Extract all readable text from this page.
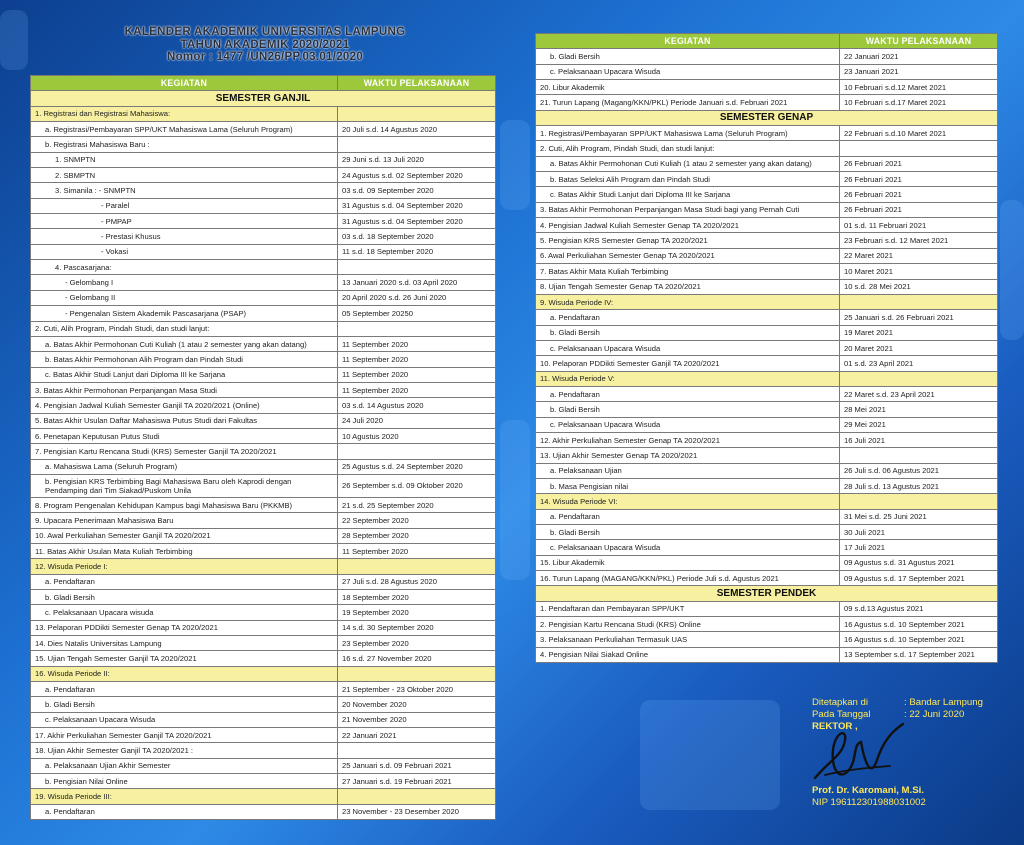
KALENDER AKADEMIK UNIVERSITAS LAMPUNG
TAHUN AKADEMIK 2020/2021
Nomor : 1477 /UN26/PP.03.01/2020
KEGIATAN	WAKTU PELAKSANAAN
SEMESTER GANJIL	
1. Registrasi dan Registrasi Mahasiswa:	
a. Registrasi/Pembayaran SPP/UKT Mahasiswa Lama (Seluruh Program)	20 Juli s.d. 14 Agustus 2020
b. Registrasi Mahasiswa Baru :	
1. SNMPTN	29 Juni s.d. 13 Juli 2020
2. SBMPTN	24 Agustus s.d. 02 September 2020
3. Simanila : - SNMPTN	03 s.d. 09 September 2020
- Paralel	31 Agustus s.d. 04 September 2020
- PMPAP	31 Agustus s.d. 04 September 2020
- Prestasi Khusus	03 s.d. 18 September 2020
- Vokasi	11 s.d. 18 September 2020
4. Pascasarjana:	
- Gelombang I	13 Januari 2020 s.d. 03 April 2020
- Gelombang II	20 April 2020 s.d. 26 Juni 2020
- Pengenalan Sistem Akademik Pascasarjana (PSAP)	05 September 20250
2. Cuti, Alih Program, Pindah Studi, dan studi lanjut:	
a. Batas Akhir Permohonan Cuti Kuliah (1 atau 2 semester yang akan datang)	11 September 2020
b. Batas Akhir Permohonan Alih Program dan Pindah Studi	11 September 2020
c. Batas Akhir Studi Lanjut dari Diploma III ke Sarjana	11 September 2020
3. Batas Akhir Permohonan Perpanjangan Masa Studi	11 September 2020
4. Pengisian Jadwal Kuliah Semester Ganjil TA 2020/2021 (Online)	03 s.d. 14 Agustus 2020
5. Batas Akhir Usulan Daftar Mahasiswa Putus Studi dari Fakultas	24 Juli 2020
6. Penetapan Keputusan Putus Studi	10 Agustus 2020
7. Pengisian Kartu Rencana Studi (KRS) Semester Ganjil TA 2020/2021	
a. Mahasiswa Lama (Seluruh Program)	25 Agustus s.d. 24 September 2020
b. Pengisian KRS Terbimbing Bagi Mahasiswa Baru oleh Kaprodi dengan Pendamping dari Tim Siakad/Puskom Unila	26 September s.d. 09 Oktober 2020
8. Program Pengenalan Kehidupan Kampus bagi Mahasiswa Baru (PKKMB)	21 s.d. 25 September 2020
9. Upacara Penerimaan Mahasiswa Baru	22 September 2020
10. Awal Perkuliahan Semester Ganjil TA 2020/2021	28 September 2020
11. Batas Akhir Usulan Mata Kuliah Terbimbing	11 September 2020
12. Wisuda Periode I:	
a. Pendaftaran	27 Juli s.d. 28 Agustus 2020
b. Gladi Bersih	18 September 2020
c. Pelaksanaan Upacara wisuda	19 September 2020
13. Pelaporan PDDikti Semester Genap TA 2020/2021	14 s.d. 30 September 2020
14. Dies Natalis Universitas Lampung	23 September 2020
15. Ujian Tengah Semester Ganjil TA 2020/2021	16 s.d. 27 November 2020
16. Wisuda Periode II:	
a. Pendaftaran	21 September - 23 Oktober 2020
b. Gladi Bersih	20 November 2020
c. Pelaksanaan Upacara Wisuda	21 November 2020
17. Akhir Perkuliahan Semester Ganjil TA 2020/2021	22 Januari 2021
18. Ujian Akhir Semester Ganjil TA 2020/2021 :	
a. Pelaksanaan Ujian Akhir Semester	25 Januari s.d. 09 Februari 2021
b. Pengisian Nilai Online	27 Januari s.d. 19 Februari 2021
19. Wisuda Periode III:	
a. Pendaftaran	23 November - 23 Desember 2020
KEGIATAN	WAKTU PELAKSANAAN
b. Gladi Bersih	22 Januari 2021
c. Pelaksanaan Upacara Wisuda	23 Januari 2021
20. Libur Akademik	10 Februari s.d.12 Maret 2021
21. Turun Lapang (Magang/KKN/PKL) Periode Januari s.d. Februari 2021	10 Februari s.d.17 Maret 2021
SEMESTER GENAP	
1. Registrasi/Pembayaran SPP/UKT Mahasiswa Lama (Seluruh Program)	22 Februari s.d.10 Maret 2021
2. Cuti, Alih Program, Pindah Studi, dan studi lanjut:	
a. Batas Akhir Permohonan Cuti Kuliah (1 atau 2 semester yang akan datang)	26 Februari 2021
b. Batas Seleksi Alih Program dan Pindah Studi	26 Februari 2021
c. Batas Akhir Studi Lanjut dari Diploma III ke Sarjana	26 Februari 2021
3. Batas Akhir Permohonan Perpanjangan Masa Studi bagi yang Pernah Cuti	26 Februari 2021
4. Pengisian Jadwal Kuliah Semester Genap TA 2020/2021	01 s.d. 11 Februari 2021
5. Pengisian KRS Semester Genap TA 2020/2021	23 Februari s.d. 12 Maret 2021
6. Awal Perkuliahan Semester Genap TA 2020/2021	22 Maret 2021
7. Batas Akhir Mata Kuliah Terbimbing	10 Maret 2021
8. Ujian Tengah Semester Genap TA 2020/2021	10 s.d. 28 Mei 2021
9. Wisuda Periode IV:	
a. Pendaftaran	25 Januari s.d. 26 Februari 2021
b. Gladi Bersih	19 Maret 2021
c. Pelaksanaan Upacara Wisuda	20 Maret 2021
10. Pelaporan PDDikti Semester Ganjil TA 2020/2021	01 s.d. 23 April 2021
11. Wisuda Periode V:	
a. Pendaftaran	22 Maret s.d. 23 April 2021
b. Gladi Bersih	28 Mei 2021
c. Pelaksanaan Upacara Wisuda	29 Mei 2021
12. Akhir Perkuliahan Semester Genap TA 2020/2021	16 Juli 2021
13. Ujian Akhir Semester Genap TA 2020/2021	
a. Pelaksanaan Ujian	26 Juli s.d. 06 Agustus 2021
b. Masa Pengisian nilai	28 Juli s.d. 13 Agustus 2021
14. Wisuda Periode VI:	
a. Pendaftaran	31 Mei s.d. 25 Juni 2021
b. Gladi Bersih	30 Juli 2021
c. Pelaksanaan Upacara Wisuda	17 Juli 2021
15. Libur Akademik	09 Agustus s.d. 31 Agustus 2021
16. Turun Lapang (MAGANG/KKN/PKL) Periode Juli s.d. Agustus 2021	09 Agustus s.d. 17 September 2021
SEMESTER PENDEK	
1. Pendaftaran dan Pembayaran SPP/UKT	09 s.d.13 Agustus 2021
2. Pengisian Kartu Rencana Studi (KRS) Online	16 Agustus s.d. 10 September 2021
3. Pelaksanaan Perkuliahan Termasuk UAS	16 Agustus s.d. 10 September 2021
4. Pengisian Nilai Siakad Online	13 September s.d. 17 September 2021
Ditetapkan di	: Bandar Lampung
Pada Tanggal	: 22 Juni 2020
REKTOR ,
Prof. Dr. Karomani, M.Si.
NIP 196112301988031002
